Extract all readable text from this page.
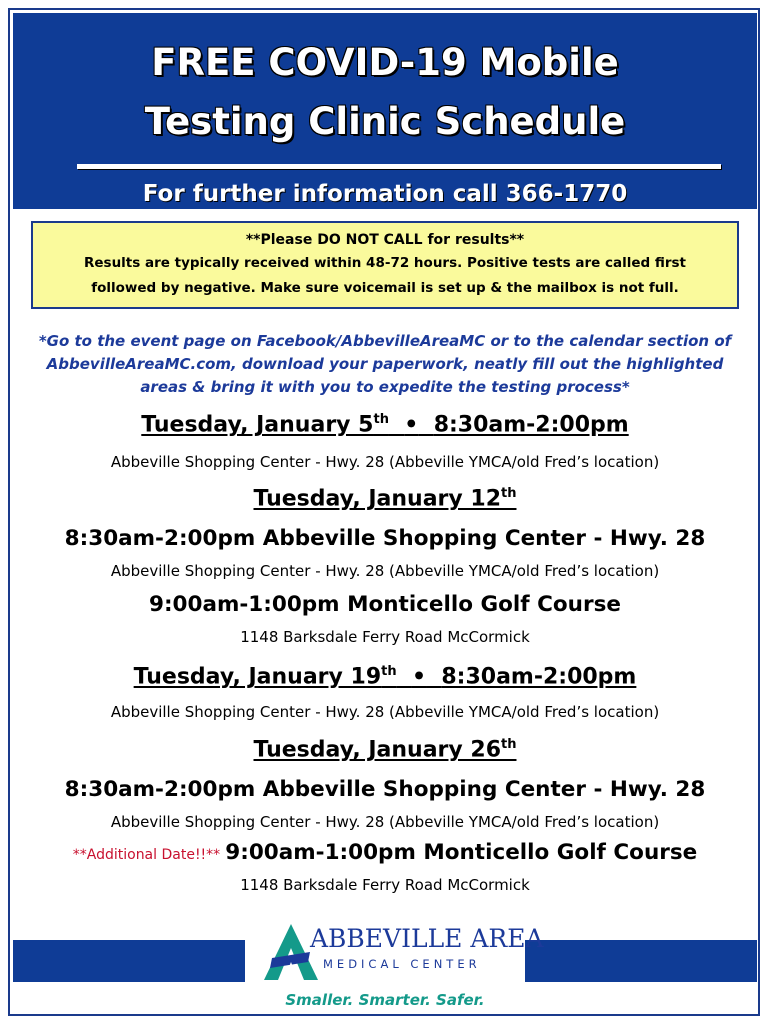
FREE COVID-19 Mobile
Testing Clinic Schedule
For further information call 366-1770
**Please DO NOT CALL for results**
Results are typically received within 48-72 hours. Positive tests are called first
followed by negative. Make sure voicemail is set up & the mailbox is not full.
*Go to the event page on Facebook/AbbevilleAreaMC or to the calendar section of
AbbevilleAreaMC.com, download your paperwork, neatly fill out the highlighted
areas & bring it with you to expedite the testing process*
Tuesday, January 5th • 8:30am-2:00pm
Abbeville Shopping Center - Hwy. 28 (Abbeville YMCA/old Fred’s location)
Tuesday, January 12th
8:30am-2:00pm Abbeville Shopping Center - Hwy. 28
Abbeville Shopping Center - Hwy. 28 (Abbeville YMCA/old Fred’s location)
9:00am-1:00pm Monticello Golf Course
1148 Barksdale Ferry Road McCormick
Tuesday, January 19th • 8:30am-2:00pm
Abbeville Shopping Center - Hwy. 28 (Abbeville YMCA/old Fred’s location)
Tuesday, January 26th
8:30am-2:00pm Abbeville Shopping Center - Hwy. 28
Abbeville Shopping Center - Hwy. 28 (Abbeville YMCA/old Fred’s location)
**Additional Date!!** 9:00am-1:00pm Monticello Golf Course
1148 Barksdale Ferry Road McCormick
ABBEVILLE AREA
MEDICAL CENTER
Smaller. Smarter. Safer.
